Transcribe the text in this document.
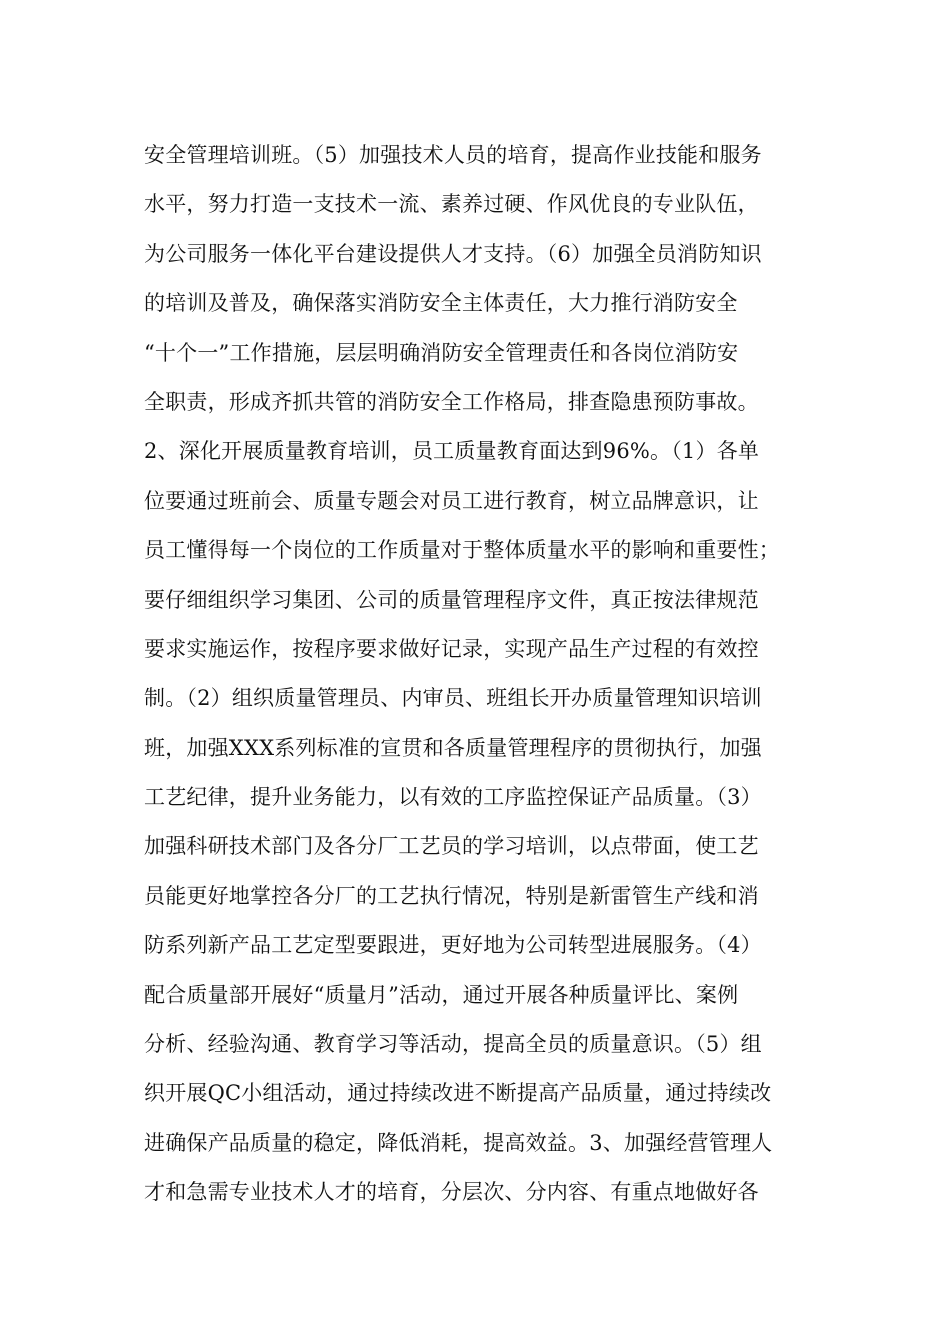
安全管理培训班。（5）加强技术人员的培育，提高作业技能和服务
水平，努力打造一支技术一流、素养过硬、作风优良的专业队伍，
为公司服务一体化平台建设提供人才支持。（6）加强全员消防知识
的培训及普及，确保落实消防安全主体责任，大力推行消防安全
“十个一”工作措施，层层明确消防安全管理责任和各岗位消防安
全职责，形成齐抓共管的消防安全工作格局，排查隐患预防事故。
2、深化开展质量教育培训，员工质量教育面达到96%。（1）各单
位要通过班前会、质量专题会对员工进行教育，树立品牌意识，让
员工懂得每一个岗位的工作质量对于整体质量水平的影响和重要性；
要仔细组织学习集团、公司的质量管理程序文件，真正按法律规范
要求实施运作，按程序要求做好记录，实现产品生产过程的有效控
制。（2）组织质量管理员、内审员、班组长开办质量管理知识培训
班，加强XXX系列标准的宣贯和各质量管理程序的贯彻执行，加强
工艺纪律，提升业务能力，以有效的工序监控保证产品质量。（3）
加强科研技术部门及各分厂工艺员的学习培训，以点带面，使工艺
员能更好地掌控各分厂的工艺执行情况，特别是新雷管生产线和消
防系列新产品工艺定型要跟进，更好地为公司转型进展服务。（4）
配合质量部开展好“质量月”活动，通过开展各种质量评比、案例
分析、经验沟通、教育学习等活动，提高全员的质量意识。（5）组
织开展QC小组活动，通过持续改进不断提高产品质量，通过持续改
进确保产品质量的稳定，降低消耗，提高效益。3、加强经营管理人
才和急需专业技术人才的培育，分层次、分内容、有重点地做好各
